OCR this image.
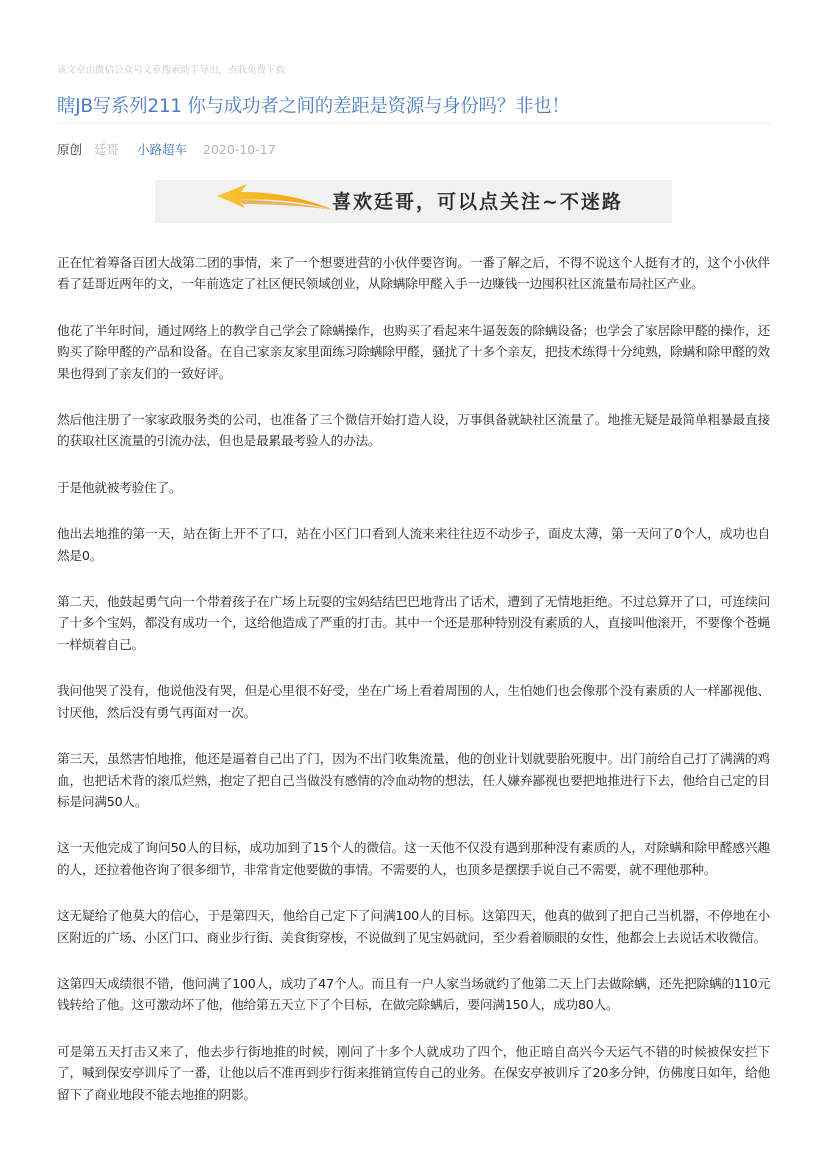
该文章由微信公众号文章搜索助手导出，点我免费下载
瞎JB写系列211 你与成功者之间的差距是资源与身份吗？非也！
原创 廷哥 小路超车 2020-10-17
喜欢廷哥，可以点关注~不迷路

正在忙着筹备百团大战第二团的事情，来了一个想要进营的小伙伴要咨询。一番了解之后，不得不说这个人挺有才的，这个小伙伴看了廷哥近两年的文，一年前选定了社区便民领域创业，从除螨除甲醛入手一边赚钱一边囤积社区流量布局社区产业。

他花了半年时间，通过网络上的教学自己学会了除螨操作，也购买了看起来牛逼轰轰的除螨设备；也学会了家居除甲醛的操作，还购买了除甲醛的产品和设备。在自己家亲友家里面练习除螨除甲醛，骚扰了十多个亲友，把技术练得十分纯熟，除螨和除甲醛的效果也得到了亲友们的一致好评。

然后他注册了一家家政服务类的公司，也准备了三个微信开始打造人设，万事俱备就缺社区流量了。地推无疑是最简单粗暴最直接的获取社区流量的引流办法，但也是最累最考验人的办法。

于是他就被考验住了。

他出去地推的第一天，站在街上开不了口，站在小区门口看到人流来来往往迈不动步子，面皮太薄，第一天问了0个人，成功也自然是0。

第二天，他鼓起勇气向一个带着孩子在广场上玩耍的宝妈结结巴巴地背出了话术，遭到了无情地拒绝。不过总算开了口，可连续问了十多个宝妈，都没有成功一个，这给他造成了严重的打击。其中一个还是那种特别没有素质的人，直接叫他滚开，不要像个苍蝇一样烦着自己。

我问他哭了没有，他说他没有哭，但是心里很不好受，坐在广场上看着周围的人，生怕她们也会像那个没有素质的人一样鄙视他、讨厌他，然后没有勇气再面对一次。

第三天，虽然害怕地推，他还是逼着自己出了门，因为不出门收集流量，他的创业计划就要胎死腹中。出门前给自己打了满满的鸡血，也把话术背的滚瓜烂熟，抱定了把自己当做没有感情的冷血动物的想法，任人嫌弃鄙视也要把地推进行下去，他给自己定的目标是问满50人。

这一天他完成了询问50人的目标，成功加到了15个人的微信。这一天他不仅没有遇到那种没有素质的人，对除螨和除甲醛感兴趣的人，还拉着他咨询了很多细节，非常肯定他要做的事情。不需要的人，也顶多是摆摆手说自己不需要，就不理他那种。

这无疑给了他莫大的信心，于是第四天，他给自己定下了问满100人的目标。这第四天，他真的做到了把自己当机器，不停地在小区附近的广场、小区门口、商业步行街、美食街穿梭，不说做到了见宝妈就问，至少看着顺眼的女性，他都会上去说话术收微信。

这第四天成绩很不错，他问满了100人，成功了47个人。而且有一户人家当场就约了他第二天上门去做除螨，还先把除螨的110元钱转给了他。这可激动坏了他，他给第五天立下了个目标，在做完除螨后，要问满150人，成功80人。

可是第五天打击又来了，他去步行街地推的时候，刚问了十多个人就成功了四个，他正暗自高兴今天运气不错的时候被保安拦下了，喊到保安亭训斥了一番，让他以后不准再到步行街来推销宣传自己的业务。在保安亭被训斥了20多分钟，仿佛度日如年，给他留下了商业地段不能去地推的阴影。
